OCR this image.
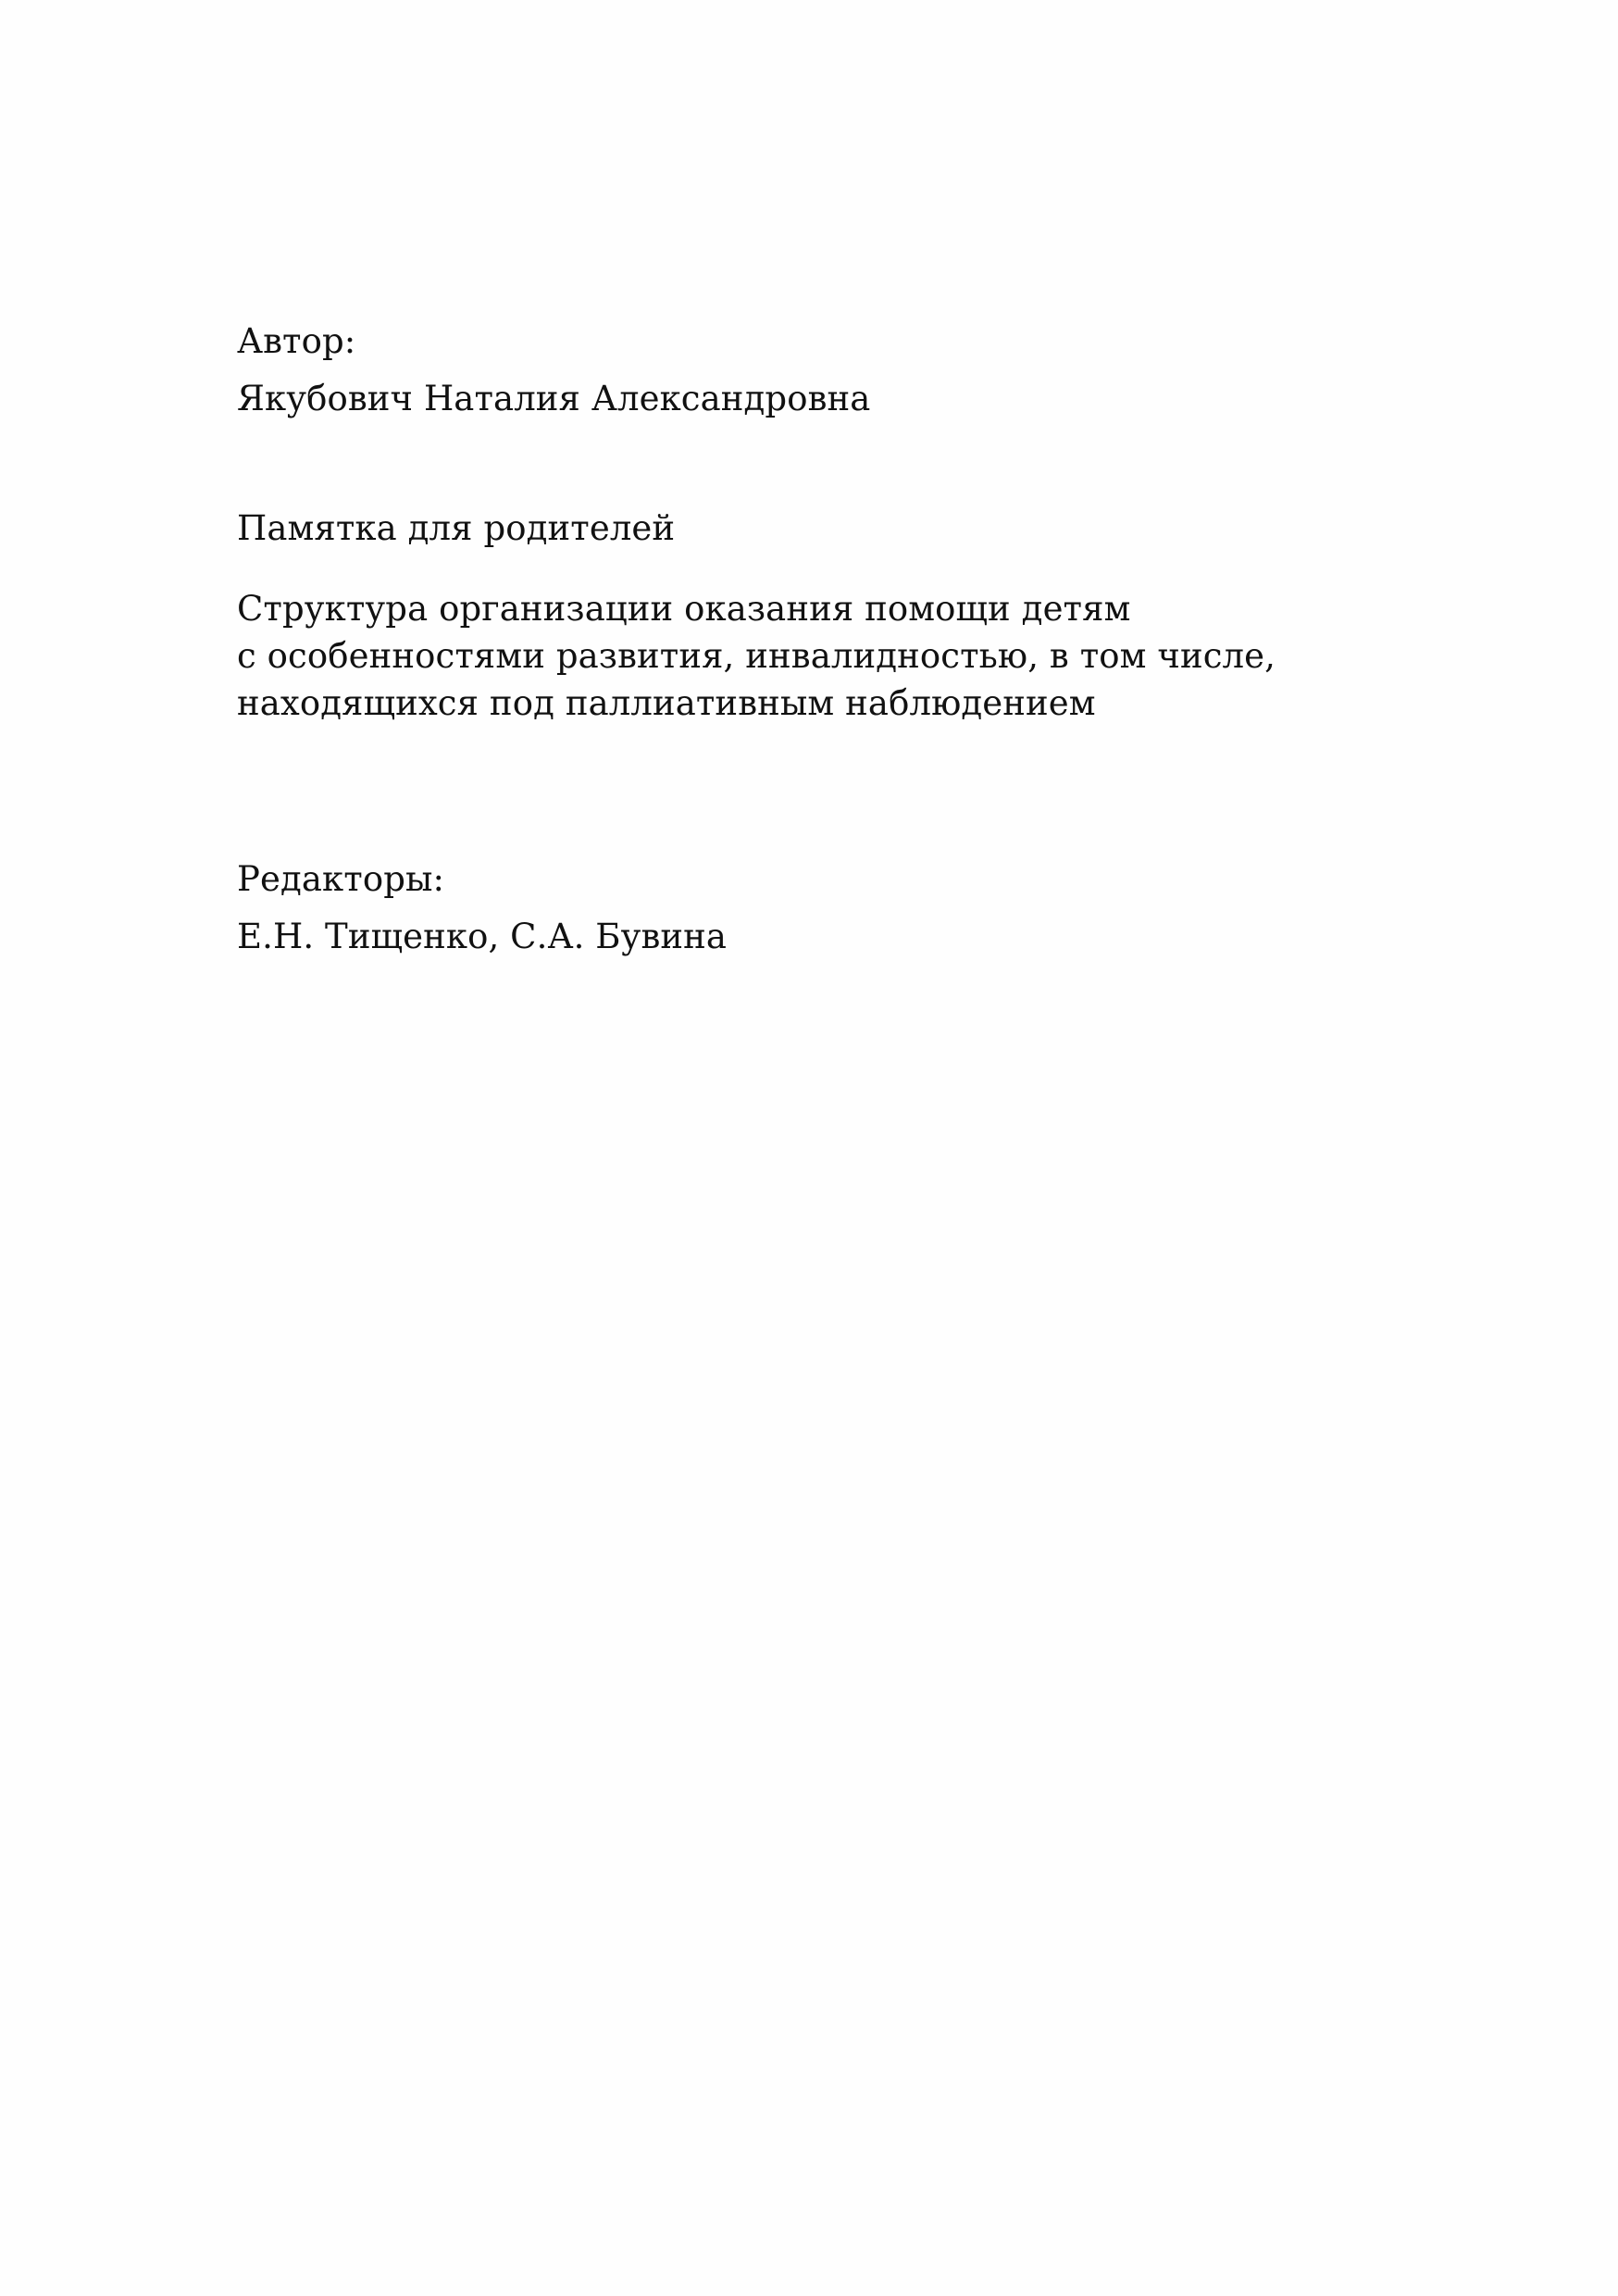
Автор:

Якубович Наталия Александровна

Памятка для родителей

Структура организации оказания помощи детям
с особенностями развития, инвалидностью, в том числе,
находящихся под паллиативным наблюдением

Редакторы:

Е.Н. Тищенко, С.А. Бувина
